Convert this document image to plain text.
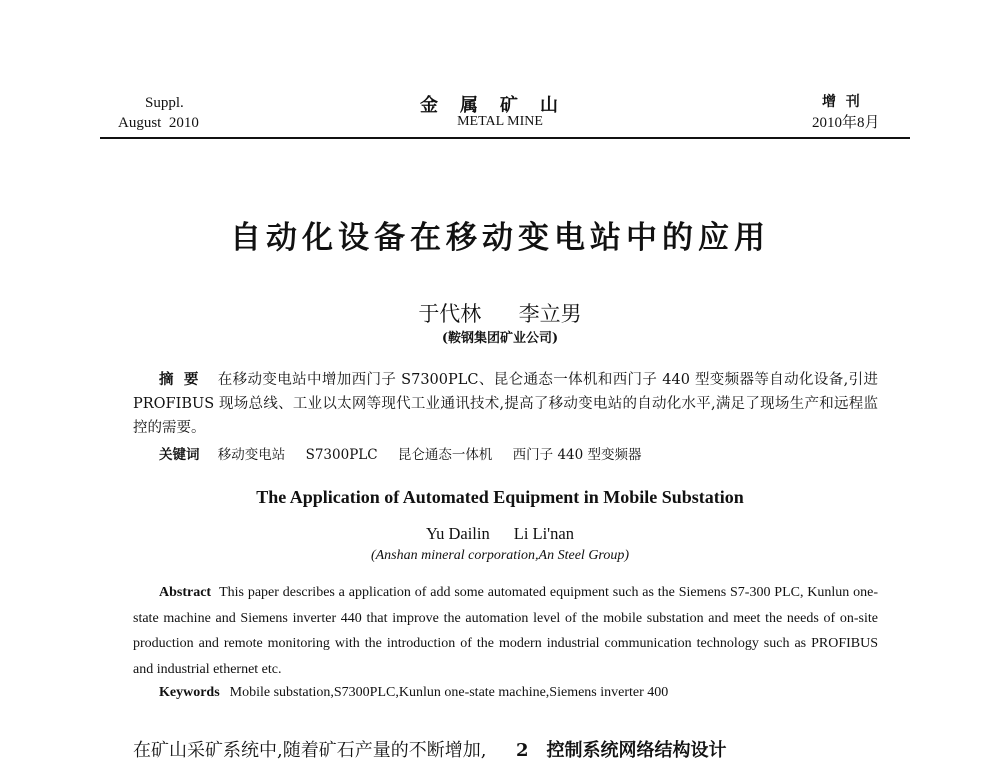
Suppl.
August  2010
金属矿山
METAL MINE
增  刊
2010年8月
自动化设备在移动变电站中的应用
于代林  李立男
(鞍钢集团矿业公司)
摘要 在移动变电站中增加西门子 S7300PLC、昆仑通态一体机和西门子 440 型变频器等自动化设备,引进PROFIBUS 现场总线、工业以太网等现代工业通讯技术,提高了移动变电站的自动化水平,满足了现场生产和远程监控的需要。
关键词 移动变电站 S7300PLC 昆仑通态一体机 西门子 440 型变频器
The Application of Automated Equipment in Mobile Substation
Yu Dailin Li Li'nan
(Anshan mineral corporation,An Steel Group)
Abstract This paper describes a application of add some automated equipment such as the Siemens S7-300 PLC, Kunlun one-state machine and Siemens inverter 440 that improve the automation level of the mobile substation and meet the needs of on-site production and remote monitoring with the introduction of the modern industrial communication technology such as PROFIBUS and industrial ethernet etc.
Keywords Mobile substation,S7300PLC,Kunlun one-state machine,Siemens inverter 400
在矿山采矿系统中,随着矿石产量的不断增加, 2 控制系统网络结构设计
